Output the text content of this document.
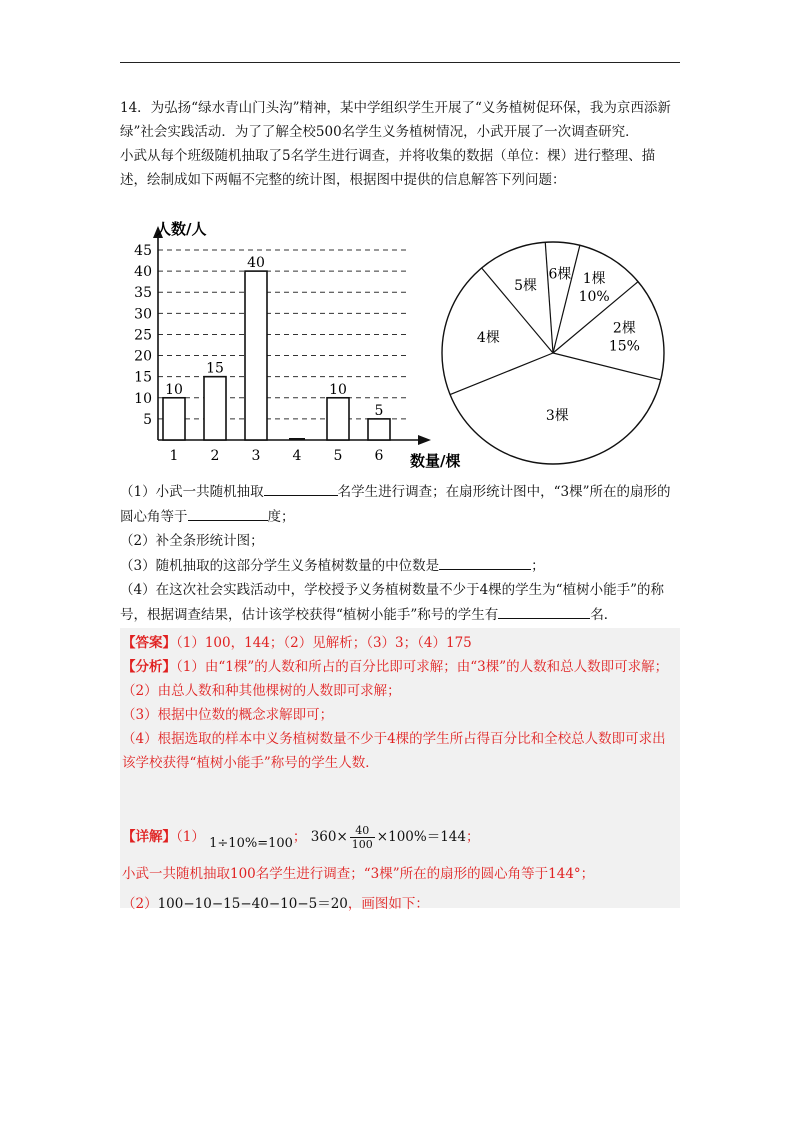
14．为弘扬“绿水青山门头沟”精神，某中学组织学生开展了“义务植树促环保，我为京西添新绿”社会实践活动．为了了解全校500名学生义务植树情况，小武开展了一次调查研究．

小武从每个班级随机抽取了5名学生进行调查，并将收集的数据（单位：棵）进行整理、描述，绘制成如下两幅不完整的统计图，根据图中提供的信息解答下列问题：

5
10
15
20
25
30
35
40
45
1 2 3 4 5 6
10
15
40
10
5
人数/人
数量/棵
1棵
10%
2棵
15%
3棵
4棵
5棵
6棵

（1）小武一共随机抽取	名学生进行调查；在扇形统计图中，“3棵”所在的扇形的圆心角等于	度；

（2）补全条形统计图；

（3）随机抽取的这部分学生义务植树数量的中位数是	；

（4）在这次社会实践活动中，学校授予义务植树数量不少于4棵的学生为“植树小能手”的称号，根据调查结果，估计该学校获得“植树小能手”称号的学生有	名．

【答案】（1）100，144；（2）见解析；（3）3；（4）175

【分析】（1）由“1棵”的人数和所占的百分比即可求解；由“3棵”的人数和总人数即可求解；

（2）由总人数和种其他棵树的人数即可求解；

（3）根据中位数的概念求解即可；

（4）根据选取的样本中义务植树数量不少于4棵的学生所占得百分比和全校总人数即可求出该学校获得“植树小能手”称号的学生人数．

【详解】（1） 1÷10%=100； $360\times \frac{40}{100} \times 100\%=144$；

小武一共随机抽取100名学生进行调查；“3棵”所在的扇形的圆心角等于144°；

（2）100−10−15−40−10−5＝20，画图如下：
